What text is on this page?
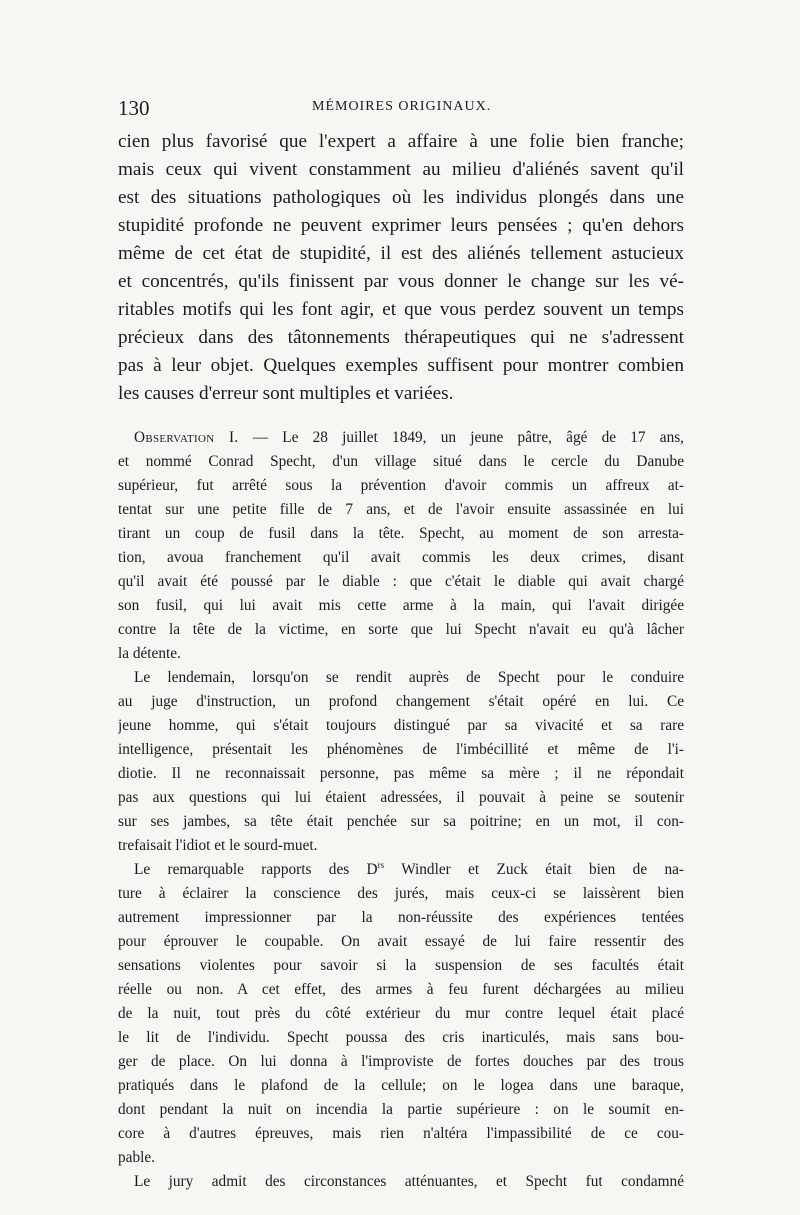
130	MÉMOIRES ORIGINAUX.
cien plus favorisé que l'expert a affaire à une folie bien franche;
mais ceux qui vivent constamment au milieu d'aliénés savent qu'il
est des situations pathologiques où les individus plongés dans une
stupidité profonde ne peuvent exprimer leurs pensées ; qu'en dehors
même de cet état de stupidité, il est des aliénés tellement astucieux
et concentrés, qu'ils finissent par vous donner le change sur les vé-
ritables motifs qui les font agir, et que vous perdez souvent un temps
précieux dans des tâtonnements thérapeutiques qui ne s'adressent
pas à leur objet. Quelques exemples suffisent pour montrer combien
les causes d'erreur sont multiples et variées.
Observation I. — Le 28 juillet 1849, un jeune pâtre, âgé de 17 ans,
et nommé Conrad Specht, d'un village situé dans le cercle du Danube
supérieur, fut arrêté sous la prévention d'avoir commis un affreux at-
tentat sur une petite fille de 7 ans, et de l'avoir ensuite assassinée en lui
tirant un coup de fusil dans la tête. Specht, au moment de son arresta-
tion, avoua franchement qu'il avait commis les deux crimes, disant
qu'il avait été poussé par le diable : que c'était le diable qui avait chargé
son fusil, qui lui avait mis cette arme à la main, qui l'avait dirigée
contre la tête de la victime, en sorte que lui Specht n'avait eu qu'à lâcher
la détente.
Le lendemain, lorsqu'on se rendit auprès de Specht pour le conduire
au juge d'instruction, un profond changement s'était opéré en lui. Ce
jeune homme, qui s'était toujours distingué par sa vivacité et sa rare
intelligence, présentait les phénomènes de l'imbécillité et même de l'i-
diotie. Il ne reconnaissait personne, pas même sa mère ; il ne répondait
pas aux questions qui lui étaient adressées, il pouvait à peine se soutenir
sur ses jambes, sa tête était penchée sur sa poitrine; en un mot, il con-
trefaisait l'idiot et le sourd-muet.
Le remarquable rapports des $D^{rs}$ Windler et Zuck était bien de na-
ture à éclairer la conscience des jurés, mais ceux-ci se laissèrent bien
autrement impressionner par la non-réussite des expériences tentées
pour éprouver le coupable. On avait essayé de lui faire ressentir des
sensations violentes pour savoir si la suspension de ses facultés était
réelle ou non. A cet effet, des armes à feu furent déchargées au milieu
de la nuit, tout près du côté extérieur du mur contre lequel était placé
le lit de l'individu. Specht poussa des cris inarticulés, mais sans bou-
ger de place. On lui donna à l'improviste de fortes douches par des trous
pratiqués dans le plafond de la cellule; on le logea dans une baraque,
dont pendant la nuit on incendia la partie supérieure : on le soumit en-
core à d'autres épreuves, mais rien n'altéra l'impassibilité de ce cou-
pable.
Le jury admit des circonstances atténuantes, et Specht fut condamné
